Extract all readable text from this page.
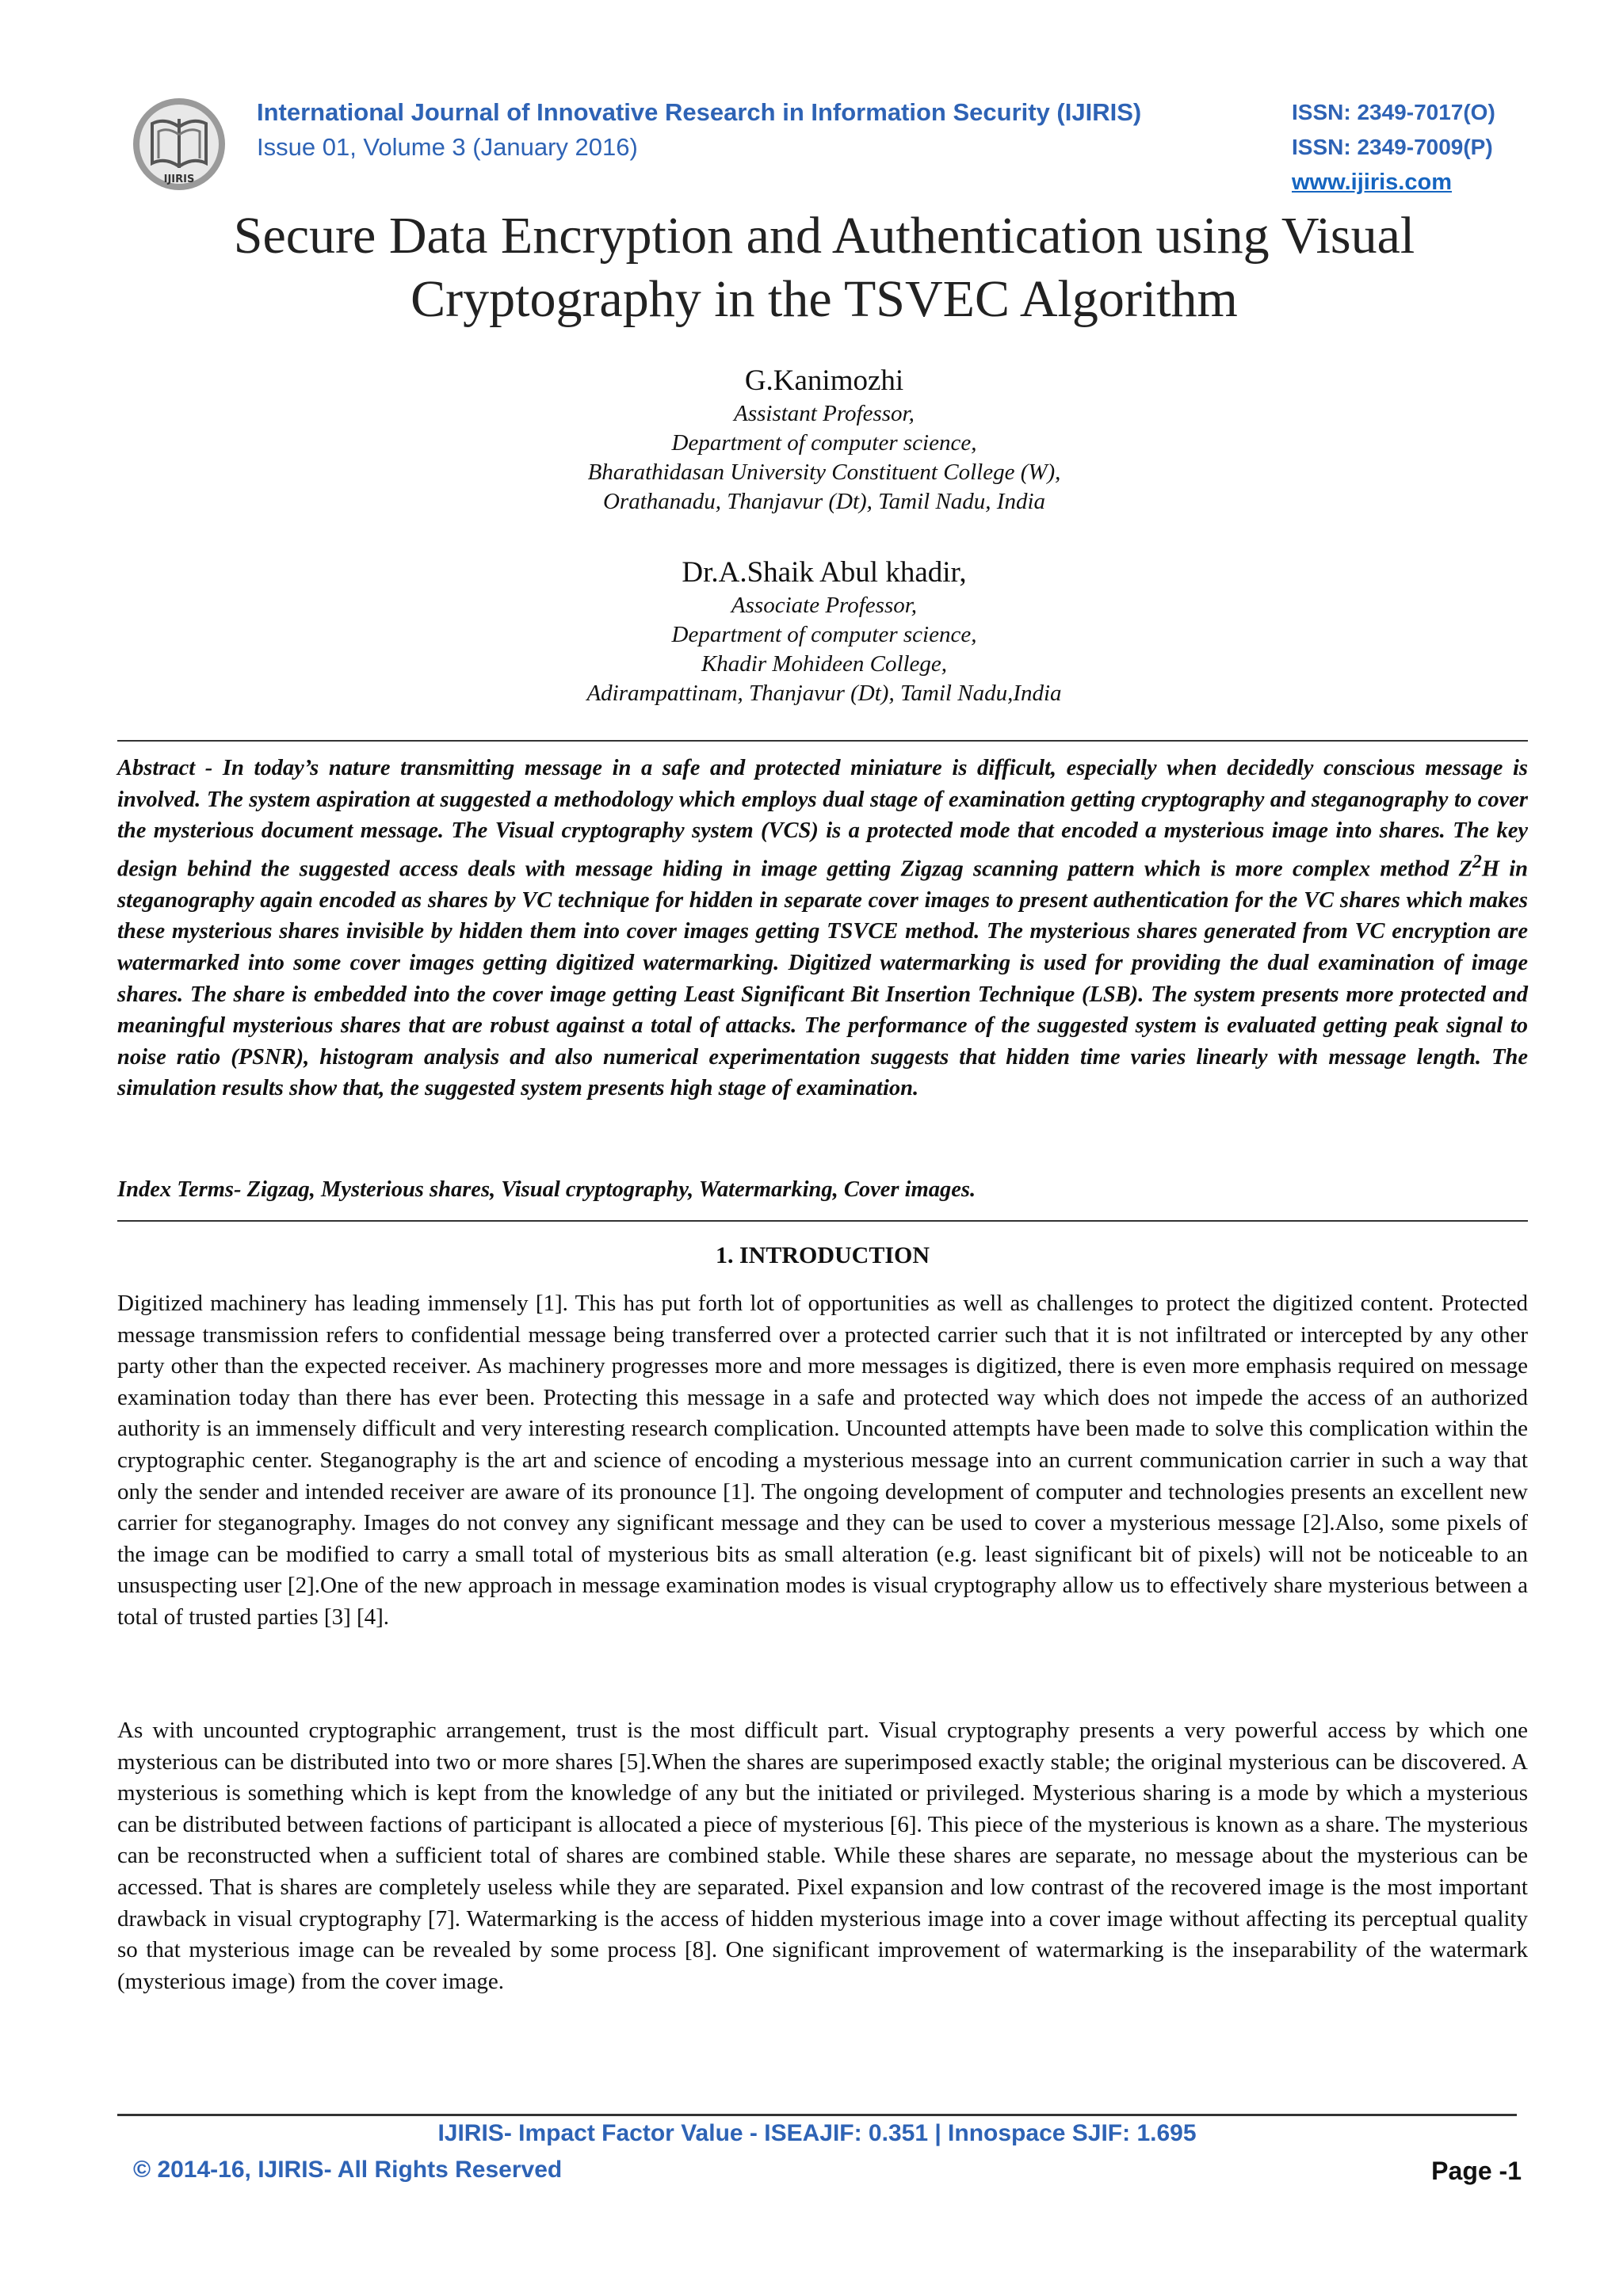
IJIRIS
International Journal of Innovative Research in Information Security (IJIRIS)
Issue 01, Volume 3 (January 2016)
ISSN: 2349-7017(O)
ISSN: 2349-7009(P)
www.ijiris.com
Secure Data Encryption and Authentication using Visual
Cryptography in the TSVEC Algorithm
G.Kanimozhi
Assistant Professor,
Department of computer science,
Bharathidasan University Constituent College (W),
Orathanadu, Thanjavur (Dt), Tamil Nadu, India
Dr.A.Shaik Abul khadir,
Associate Professor,
Department of computer science,
Khadir Mohideen College,
Adirampattinam, Thanjavur (Dt), Tamil Nadu,India
Abstract - In today’s nature transmitting message in a safe and protected miniature is difficult, especially when decidedly conscious message is involved. The system aspiration at suggested a methodology which employs dual stage of examination getting cryptography and steganography to cover the mysterious document message. The Visual cryptography system (VCS) is a protected mode that encoded a mysterious image into shares. The key design behind the suggested access deals with message hiding in image getting Zigzag scanning pattern which is more complex method $Z^2H$ in steganography again encoded as shares by VC technique for hidden in separate cover images to present authentication for the VC shares which makes these mysterious shares invisible by hidden them into cover images getting TSVCE method. The mysterious shares generated from VC encryption are watermarked into some cover images getting digitized watermarking. Digitized watermarking is used for providing the dual examination of image shares. The share is embedded into the cover image getting Least Significant Bit Insertion Technique (LSB). The system presents more protected and meaningful mysterious shares that are robust against a total of attacks. The performance of the suggested system is evaluated getting peak signal to noise ratio (PSNR), histogram analysis and also numerical experimentation suggests that hidden time varies linearly with message length. The simulation results show that, the suggested system presents high stage of examination.
Index Terms- Zigzag, Mysterious shares, Visual cryptography, Watermarking, Cover images.
1. INTRODUCTION
Digitized machinery has leading immensely [1]. This has put forth lot of opportunities as well as challenges to protect the digitized content. Protected message transmission refers to confidential message being transferred over a protected carrier such that it is not infiltrated or intercepted by any other party other than the expected receiver. As machinery progresses more and more messages is digitized, there is even more emphasis required on message examination today than there has ever been. Protecting this message in a safe and protected way which does not impede the access of an authorized authority is an immensely difficult and very interesting research complication. Uncounted attempts have been made to solve this complication within the cryptographic center. Steganography is the art and science of encoding a mysterious message into an current communication carrier in such a way that only the sender and intended receiver are aware of its pronounce [1]. The ongoing development of computer and technologies presents an excellent new carrier for steganography. Images do not convey any significant message and they can be used to cover a mysterious message [2].Also, some pixels of the image can be modified to carry a small total of mysterious bits as small alteration (e.g. least significant bit of pixels) will not be noticeable to an unsuspecting user [2].One of the new approach in message examination modes is visual cryptography allow us to effectively share mysterious between a total of trusted parties [3] [4].
As with uncounted cryptographic arrangement, trust is the most difficult part. Visual cryptography presents a very powerful access by which one mysterious can be distributed into two or more shares [5].When the shares are superimposed exactly stable; the original mysterious can be discovered. A mysterious is something which is kept from the knowledge of any but the initiated or privileged. Mysterious sharing is a mode by which a mysterious can be distributed between factions of participant is allocated a piece of mysterious [6]. This piece of the mysterious is known as a share. The mysterious can be reconstructed when a sufficient total of shares are combined stable. While these shares are separate, no message about the mysterious can be accessed. That is shares are completely useless while they are separated. Pixel expansion and low contrast of the recovered image is the most important drawback in visual cryptography [7]. Watermarking is the access of hidden mysterious image into a cover image without affecting its perceptual quality so that mysterious image can be revealed by some process [8]. One significant improvement of watermarking is the inseparability of the watermark (mysterious image) from the cover image.
IJIRIS- Impact Factor Value - ISEAJIF: 0.351 | Innospace SJIF: 1.695
© 2014-16, IJIRIS- All Rights Reserved	Page -1
